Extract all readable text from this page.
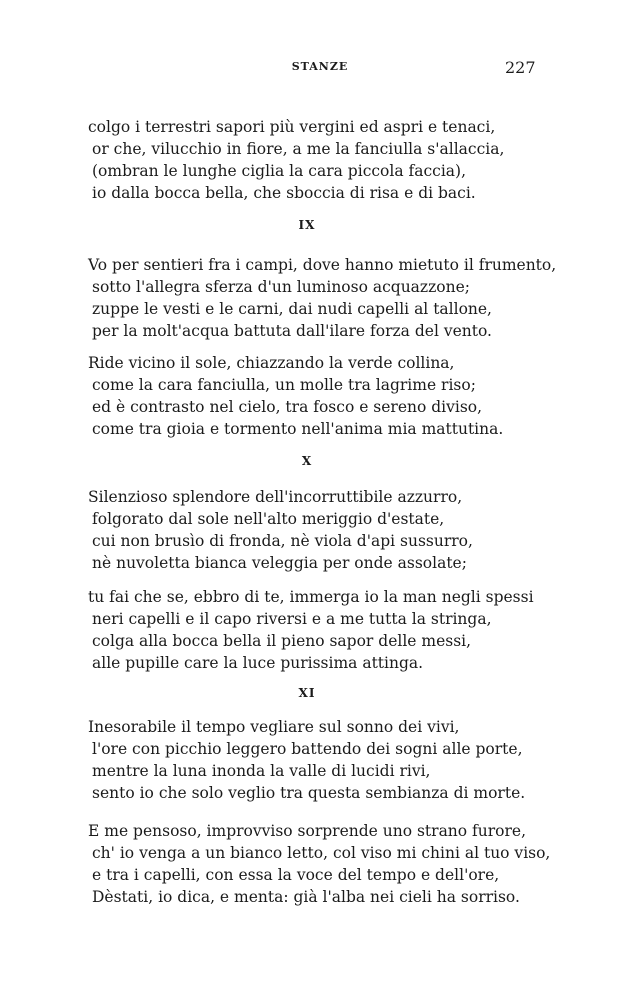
STANZE	227
colgo i terrestri sapori più vergini ed aspri e tenaci,
or che, vilucchio in fiore, a me la fanciulla s'allaccia,
(ombran le lunghe ciglia la cara piccola faccia),
io dalla bocca bella, che sboccia di risa e di baci.
IX
Vo per sentieri fra i campi, dove hanno mietuto il frumento,
sotto l'allegra sferza d'un luminoso acquazzone;
zuppe le vesti e le carni, dai nudi capelli al tallone,
per la molt'acqua battuta dall'ilare forza del vento.
Ride vicino il sole, chiazzando la verde collina,
come la cara fanciulla, un molle tra lagrime riso;
ed è contrasto nel cielo, tra fosco e sereno diviso,
come tra gioia e tormento nell'anima mia mattutina.
X
Silenzioso splendore dell'incorruttibile azzurro,
folgorato dal sole nell'alto meriggio d'estate,
cui non brusìo di fronda, nè viola d'api sussurro,
nè nuvoletta bianca veleggia per onde assolate;
tu fai che se, ebbro di te, immerga io la man negli spessi
neri capelli e il capo riversi e a me tutta la stringa,
colga alla bocca bella il pieno sapor delle messi,
alle pupille care la luce purissima attinga.
XI
Inesorabile il tempo vegliare sul sonno dei vivi,
l'ore con picchio leggero battendo dei sogni alle porte,
mentre la luna inonda la valle di lucidi rivi,
sento io che solo veglio tra questa sembianza di morte.
E me pensoso, improvviso sorprende uno strano furore,
ch' io venga a un bianco letto, col viso mi chini al tuo viso,
e tra i capelli, con essa la voce del tempo e dell'ore,
Dèstati, io dica, e menta: già l'alba nei cieli ha sorriso.
